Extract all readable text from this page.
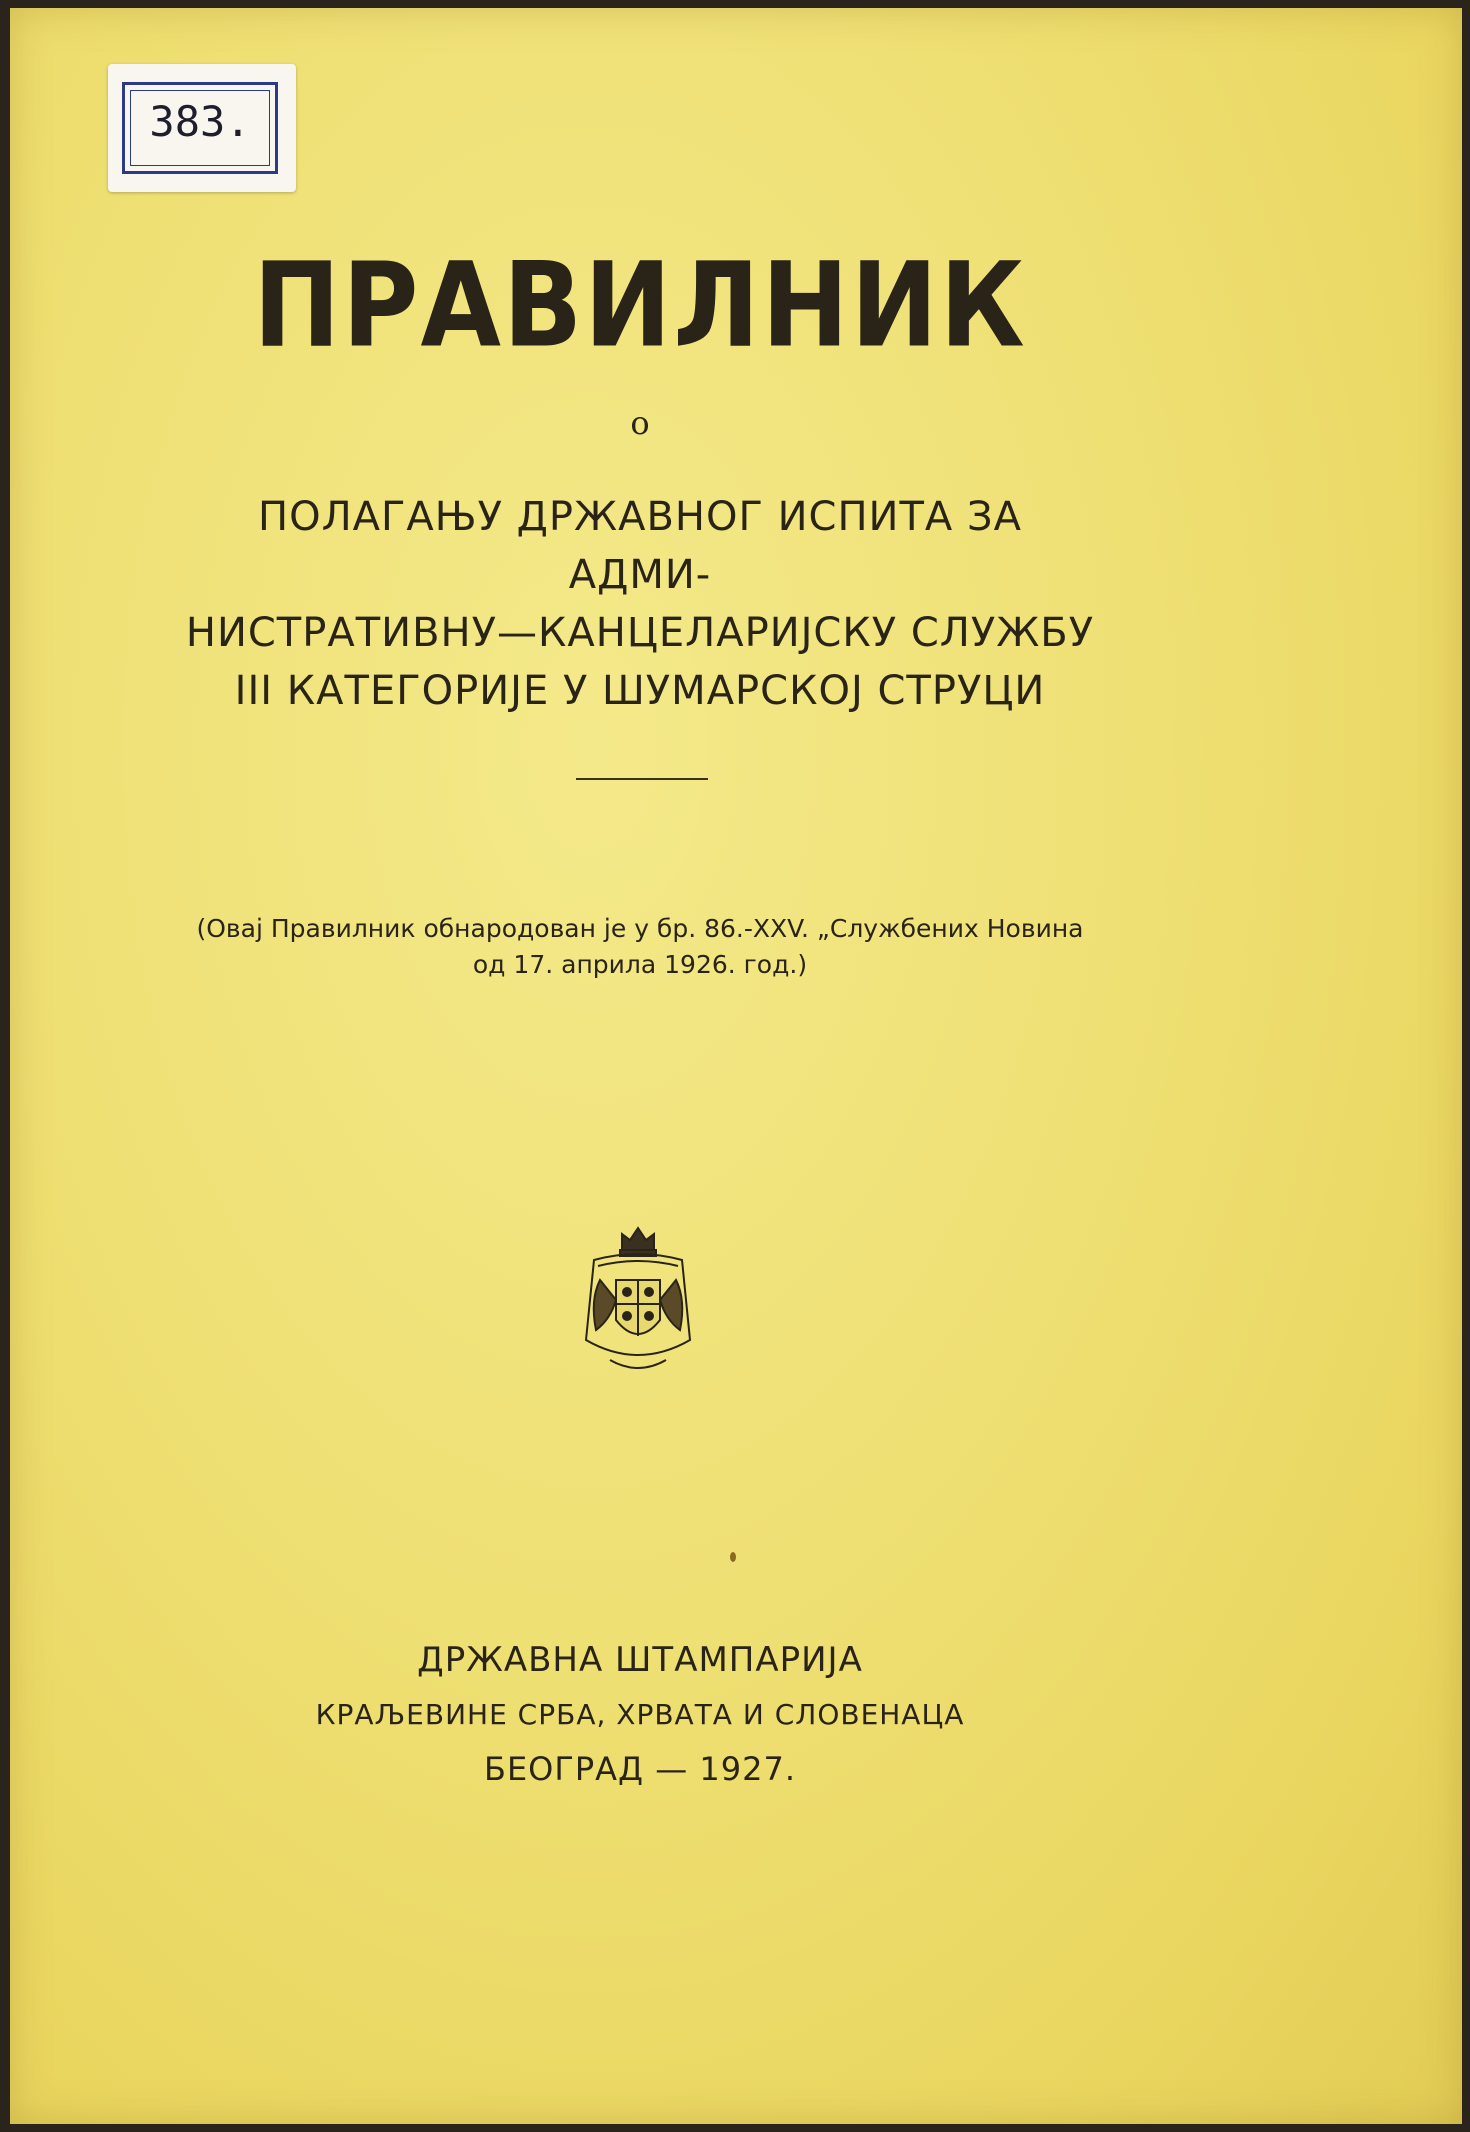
383.
ПРАВИЛНИК
о
ПОЛАГАЊУ ДРЖАВНОГ ИСПИТА ЗА АДМИ-
НИСТРАТИВНУ—КАНЦЕЛАРИЈСКУ СЛУЖБУ
III КАТЕГОРИЈЕ У ШУМАРСКОЈ СТРУЦИ
(Овај Правилник обнародован је у бр. 86.-XXV. „Службених Новина
од 17. априла 1926. год.)
ДРЖАВНА ШТАМПАРИЈА
КРАЉЕВИНЕ СРБА, ХРВАТА И СЛОВЕНАЦА
БЕОГРАД — 1927.
